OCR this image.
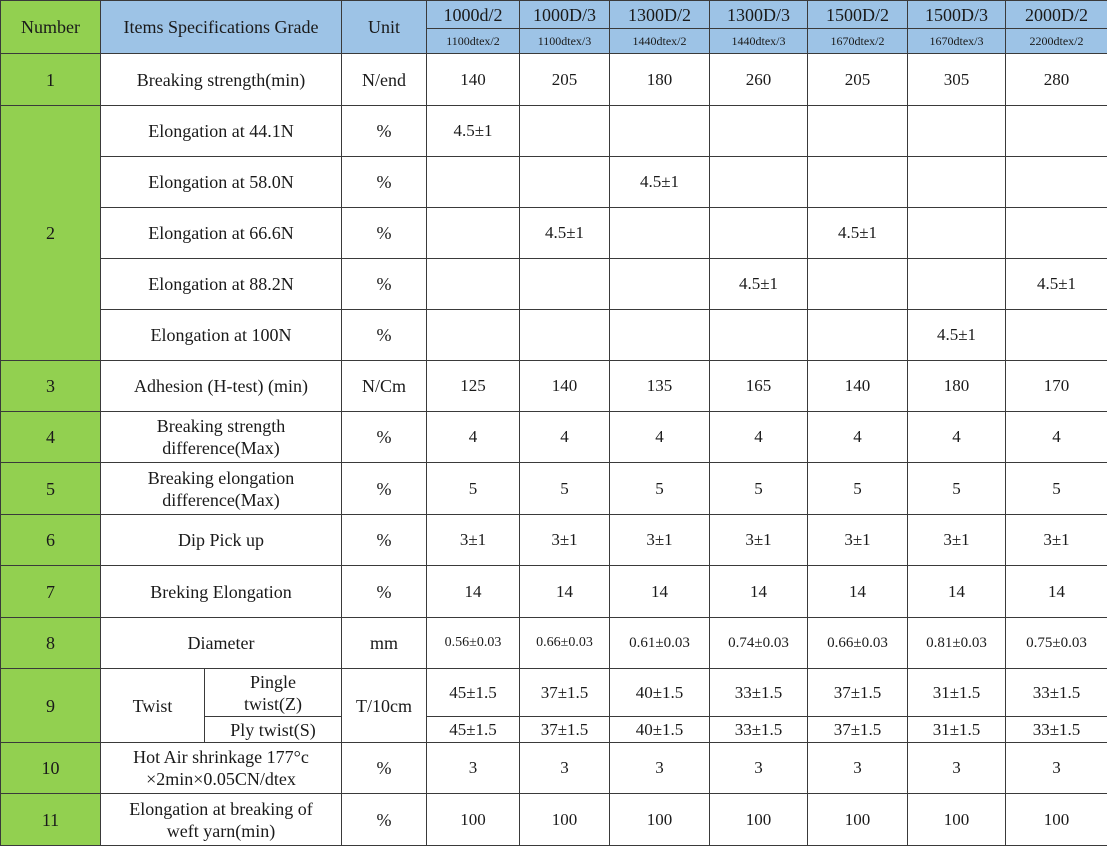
Number	Items Specifications Grade		Unit	1000d/2	1000D/3	1300D/2	1300D/3	1500D/2	1500D/3	2000D/2

				1100dtex/2	1100dtex/3	1440dtex/2	1440dtex/3	1670dtex/2	1670dtex/3	2200dtex/2

1	Breaking strength(min)		N/end	140	205	180	260	205	305	280
2	Elongation at 44.1N		%	4.5±1						
	Elongation at 58.0N		%			4.5±1				
	Elongation at 66.6N		%		4.5±1			4.5±1		
	Elongation at 88.2N		%				4.5±1			4.5±1
	Elongation at 100N		%						4.5±1	
3	Adhesion (H-test) (min)		N/Cm	125	140	135	165	140	180	170
4	Breaking strength
difference(Max)		%	4	4	4	4	4	4	4
5	Breaking elongation
difference(Max)		%	5	5	5	5	5	5	5
6	Dip Pick up		%	3±1	3±1	3±1	3±1	3±1	3±1	3±1
7	Breking Elongation		%	14	14	14	14	14	14	14
8	Diameter		mm	0.56±0.03	0.66±0.03	0.61±0.03	0.74±0.03	0.66±0.03	0.81±0.03	0.75±0.03
9	Twist	Pingle
twist(Z)	T/10cm	45±1.5	37±1.5	40±1.5	33±1.5	37±1.5	31±1.5	33±1.5
		Ply twist(S)		45±1.5	37±1.5	40±1.5	33±1.5	37±1.5	31±1.5	33±1.5
10	Hot Air shrinkage 177°c
×2min×0.05CN/dtex		%	3	3	3	3	3	3	3
11	Elongation at breaking of
weft yarn(min)		%	100	100	100	100	100	100	100
